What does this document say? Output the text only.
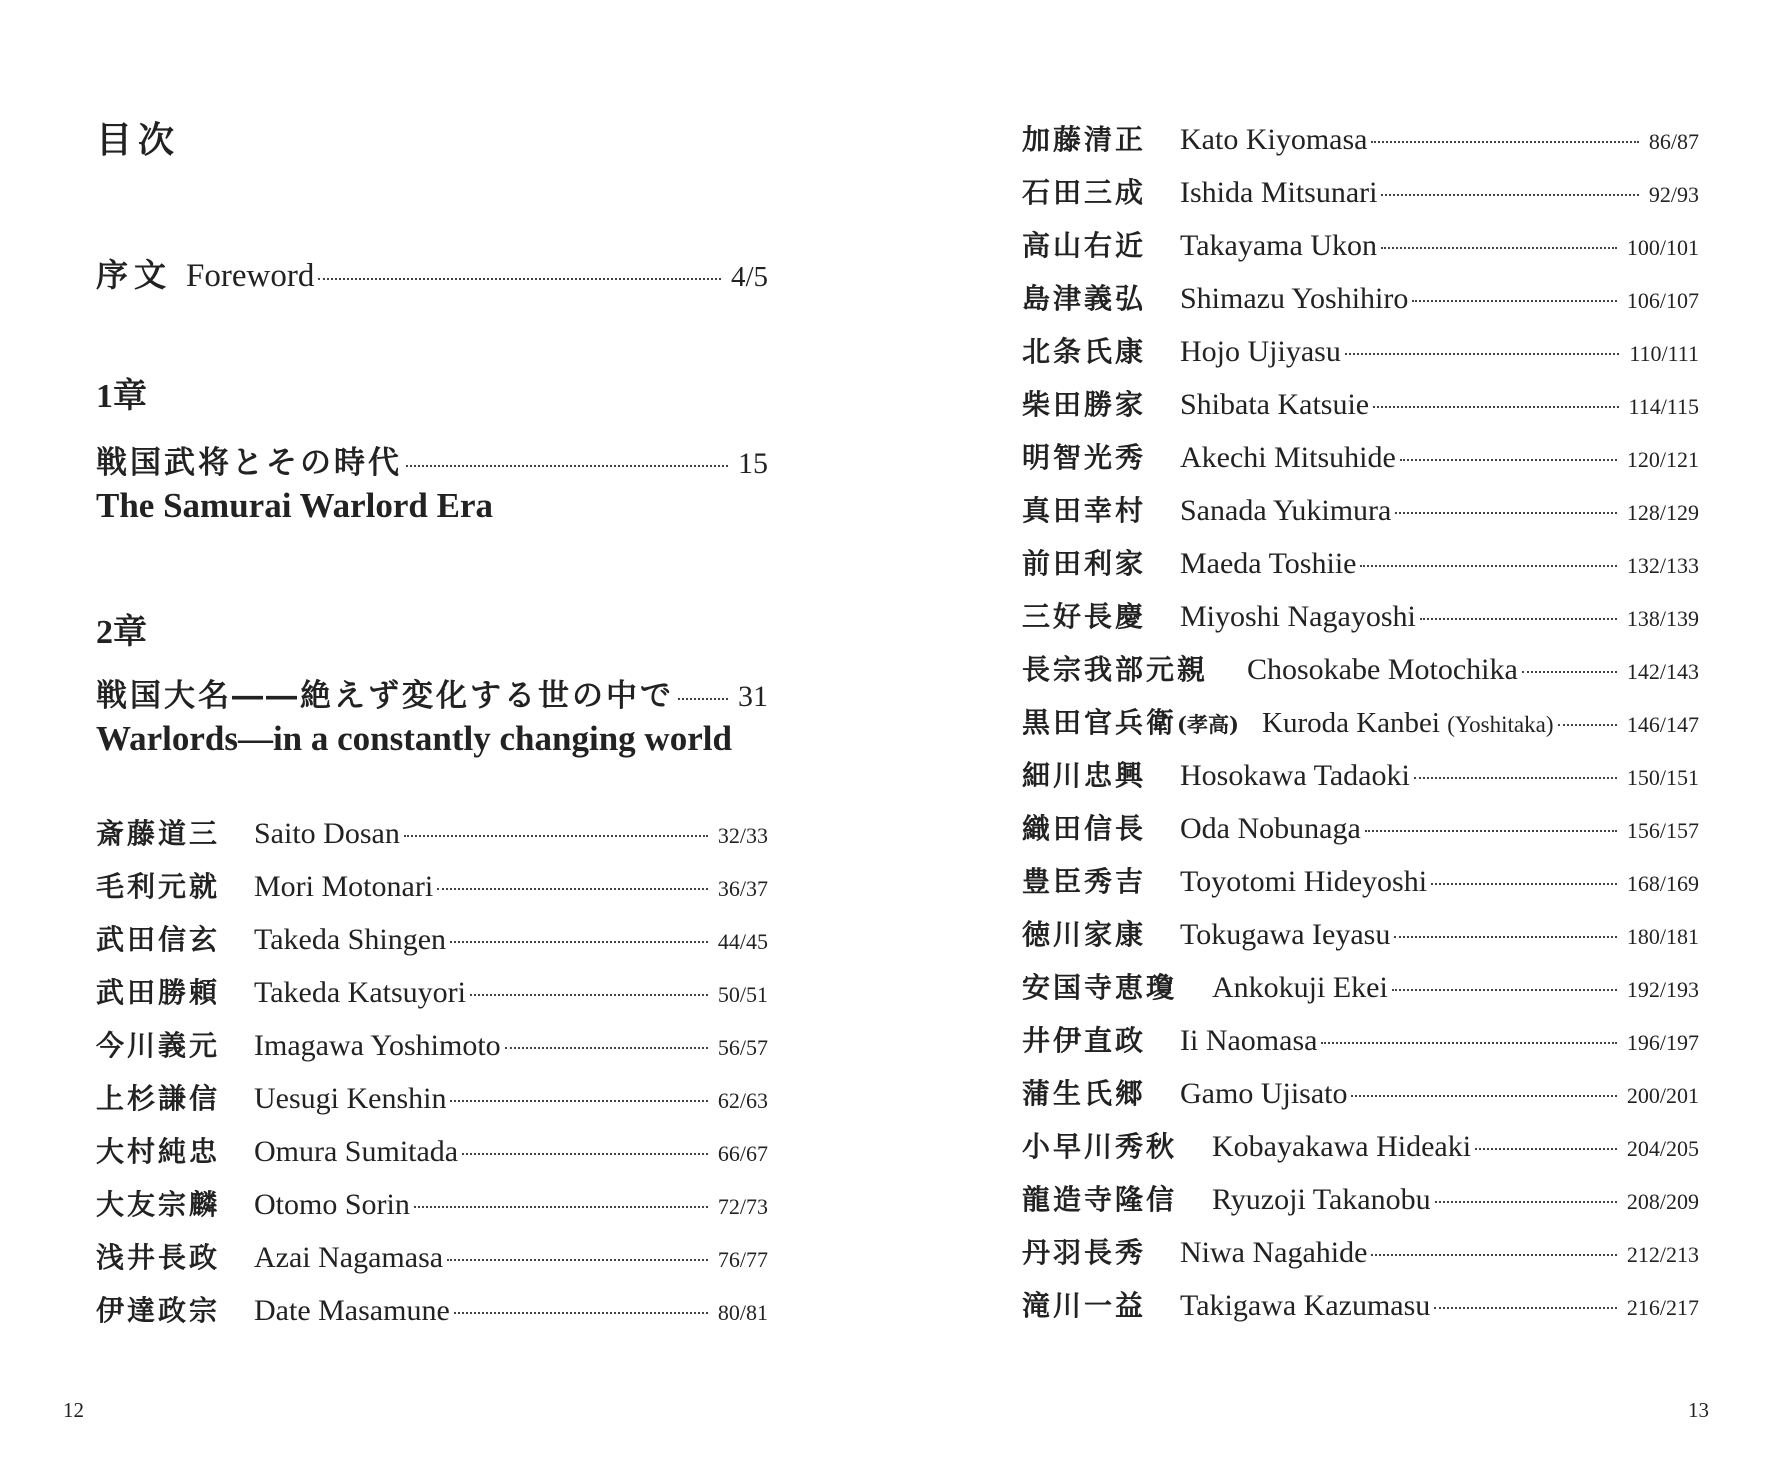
目次
序文 Foreword	4/5
1章
戦国武将とその時代	15
The Samurai Warlord Era
2章
戦国大名――絶えず変化する世の中で 31
Warlords—in a constantly changing world
斎藤道三	Saito Dosan	32/33
毛利元就	Mori Motonari	36/37
武田信玄	Takeda Shingen	44/45
武田勝頼	Takeda Katsuyori	50/51
今川義元	Imagawa Yoshimoto	56/57
上杉謙信	Uesugi Kenshin	62/63
大村純忠	Omura Sumitada	66/67
大友宗麟	Otomo Sorin	72/73
浅井長政	Azai Nagamasa	76/77
伊達政宗	Date Masamune	80/81
12
加藤清正	Kato Kiyomasa	86/87
石田三成	Ishida Mitsunari	92/93
高山右近	Takayama Ukon	100/101
島津義弘	Shimazu Yoshihiro	106/107
北条氏康	Hojo Ujiyasu	110/111
柴田勝家	Shibata Katsuie	114/115
明智光秀	Akechi Mitsuhide	120/121
真田幸村	Sanada Yukimura	128/129
前田利家	Maeda Toshiie	132/133
三好長慶	Miyoshi Nagayoshi	138/139
長宗我部元親	Chosokabe Motochika	142/143
黒田官兵衛(孝高) Kuroda Kanbei (Yoshitaka)	146/147
細川忠興	Hosokawa Tadaoki	150/151
織田信長	Oda Nobunaga	156/157
豊臣秀吉	Toyotomi Hideyoshi	168/169
徳川家康	Tokugawa Ieyasu	180/181
安国寺恵瓊	Ankokuji Ekei	192/193
井伊直政	Ii Naomasa	196/197
蒲生氏郷	Gamo Ujisato	200/201
小早川秀秋	Kobayakawa Hideaki	204/205
龍造寺隆信	Ryuzoji Takanobu	208/209
丹羽長秀	Niwa Nagahide	212/213
滝川一益	Takigawa Kazumasu	216/217
13
